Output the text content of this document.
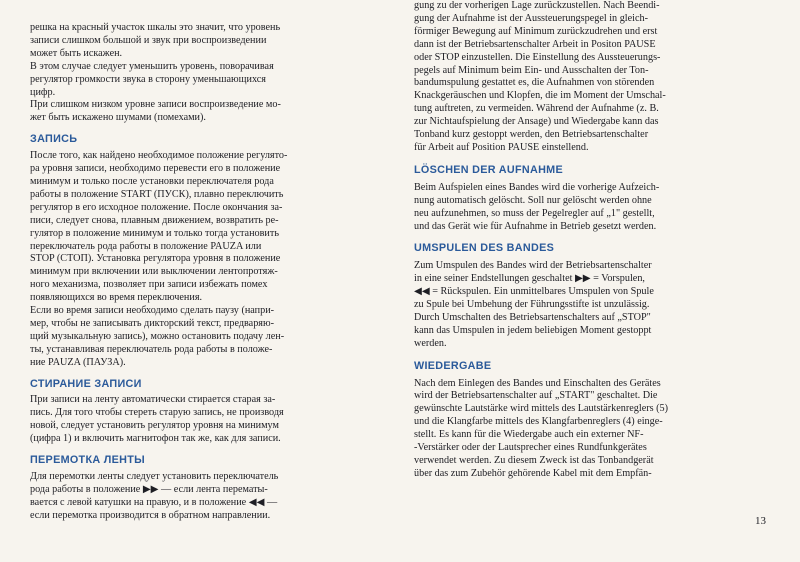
решка на красный участок шкалы это значит, что уровень
записи слишком большой и звук при воспроизведении
может быть искажен.
В этом случае следует уменьшить уровень, поворачивая
регулятор громкости звука в сторону уменьшающихся
цифр.
При слишком низком уровне записи воспроизведение мо-
жет быть искажено шумами (помехами).
ЗАПИСЬ
После того, как найдено необходимое положение регулято-
ра уровня записи, необходимо перевести его в положение
минимум и только после установки переключателя рода
работы в положение START (ПУСК), плавно переключить
регулятор в его исходное положение. После окончания за-
писи, следует снова, плавным движением, возвратить ре-
гулятор в положение минимум и только тогда установить
переключатель рода работы в положение PAUZA или
STOP (СТОП). Установка регулятора уровня в положение
минимум при включении или выключении лентопротяж-
ного механизма, позволяет при записи избежать помех
появляющихся во время переключения.
Если во время записи необходимо сделать паузу (напри-
мер, чтобы не записывать дикторский текст, предваряю-
щий музыкальную запись), можно остановить подачу лен-
ты, устанавливая переключатель рода работы в положе-
ние PAUZA (ПАУЗА).
СТИРАНИЕ ЗАПИСИ
При записи на ленту автоматически стирается старая за-
пись. Для того чтобы стереть старую запись, не производя
новой, следует установить регулятор уровня на минимум
(цифра 1) и включить магнитофон так же, как для записи.
ПЕРЕМОТКА ЛЕНТЫ
Для перемотки ленты следует установить переключатель
рода работы в положение ▶▶ — если лента перематы-
вается с левой катушки на правую, и в положение ◀◀ —
если перемотка производится в обратном направлении.
gung zu der vorherigen Lage zurückzustellen. Nach Beendi-
gung der Aufnahme ist der Aussteuerungspegel in gleich-
förmiger Bewegung auf Minimum zurückzudrehen und erst
dann ist der Betriebsartenschalter Arbeit in Positon PAUSE
oder STOP einzustellen. Die Einstellung des Aussteuerungs-
pegels auf Minimum beim Ein- und Ausschalten der Ton-
bandumspulung gestattet es, die Aufnahmen von störenden
Knackgeräuschen und Klopfen, die im Moment der Umschal-
tung auftreten, zu vermeiden. Während der Aufnahme (z. B.
zur Nichtaufspielung der Ansage) und Wiedergabe kann das
Tonband kurz gestoppt werden, den Betriebsartenschalter
für Arbeit auf Position PAUSE einstellend.
LÖSCHEN DER AUFNAHME
Beim Aufspielen eines Bandes wird die vorherige Aufzeich-
nung automatisch gelöscht. Soll nur gelöscht werden ohne
neu aufzunehmen, so muss der Pegelregler auf „1" gestellt,
und das Gerät wie für Aufnahme in Betrieb gesetzt werden.
UMSPULEN DES BANDES
Zum Umspulen des Bandes wird der Betriebsartenschalter
in eine seiner Endstellungen geschaltet ▶▶ = Vorspulen,
◀◀ = Rückspulen. Ein unmittelbares Umspulen von Spule
zu Spule bei Umbehung der Führungsstifte ist unzulässig.
Durch Umschalten des Betriebsartenschalters auf „STOP"
kann das Umspulen in jedem beliebigen Moment gestoppt
werden.
WIEDERGABE
Nach dem Einlegen des Bandes und Einschalten des Gerätes
wird der Betriebsartenschalter auf „START" geschaltet. Die
gewünschte Lautstärke wird mittels des Lautstärkenreglers (5)
und die Klangfarbe mittels des Klangfarbenreglers (4) einge-
stellt. Es kann für die Wiedergabe auch ein externer NF-
-Verstärker oder der Lautsprecher eines Rundfunkgerätes
verwendet werden. Zu diesem Zweck ist das Tonbandgerät
über das zum Zubehör gehörende Kabel mit dem Empfän-
13
